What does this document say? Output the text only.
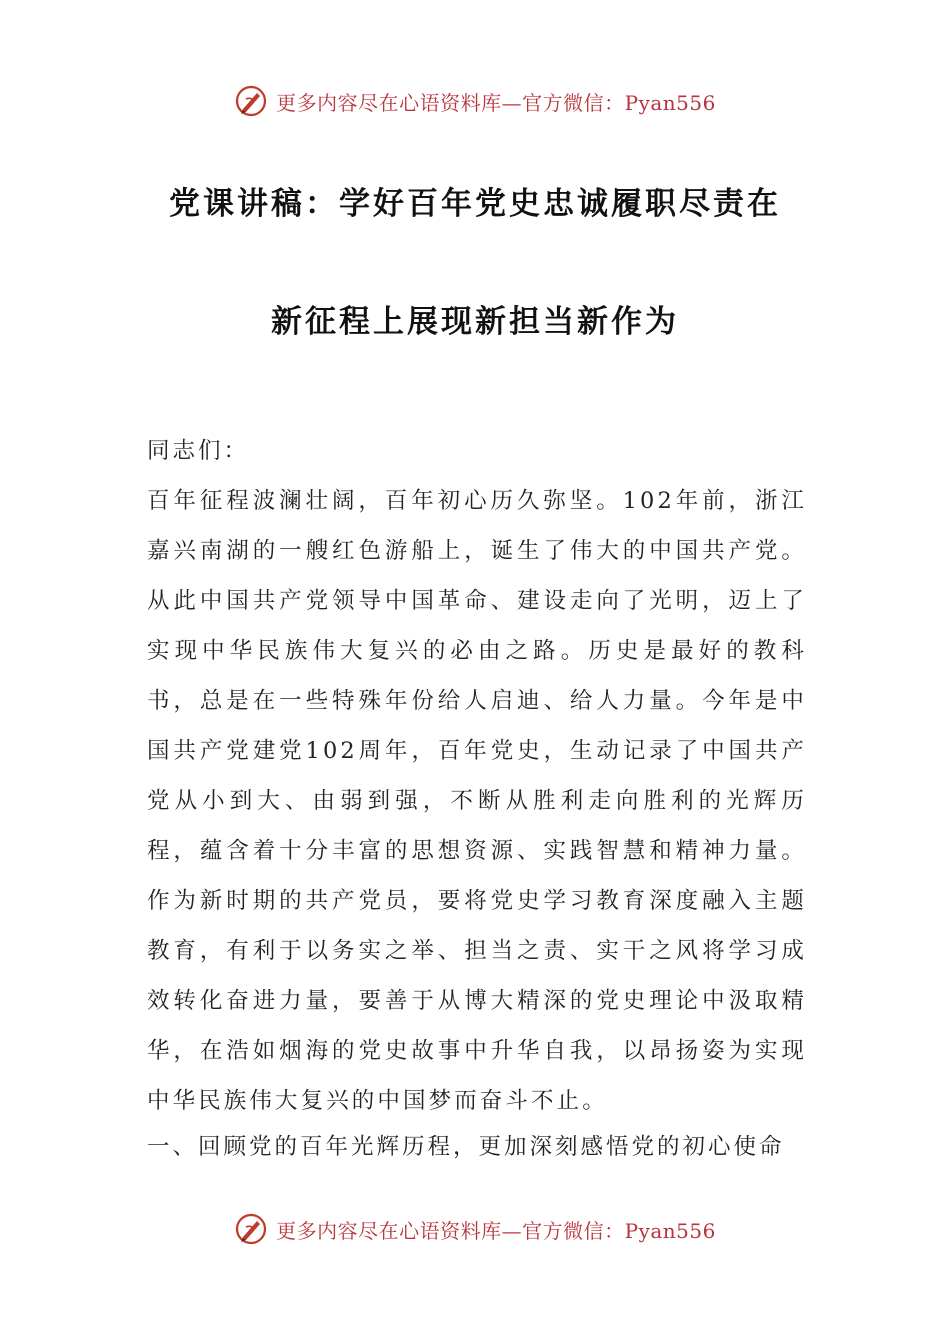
更多内容尽在心语资料库—官方微信：Pyan556
党课讲稿：学好百年党史忠诚履职尽责在
新征程上展现新担当新作为
同志们：
百年征程波澜壮阔，百年初心历久弥坚。102年前，浙江嘉兴南湖的一艘红色游船上，诞生了伟大的中国共产党。从此中国共产党领导中国革命、建设走向了光明，迈上了实现中华民族伟大复兴的必由之路。历史是最好的教科书，总是在一些特殊年份给人启迪、给人力量。今年是中国共产党建党102周年，百年党史，生动记录了中国共产党从小到大、由弱到强，不断从胜利走向胜利的光辉历程，蕴含着十分丰富的思想资源、实践智慧和精神力量。作为新时期的共产党员，要将党史学习教育深度融入主题教育，有利于以务实之举、担当之责、实干之风将学习成效转化奋进力量，要善于从博大精深的党史理论中汲取精华，在浩如烟海的党史故事中升华自我，以昂扬姿为实现中华民族伟大复兴的中国梦而奋斗不止。
一、回顾党的百年光辉历程，更加深刻感悟党的初心使命
更多内容尽在心语资料库—官方微信：Pyan556
